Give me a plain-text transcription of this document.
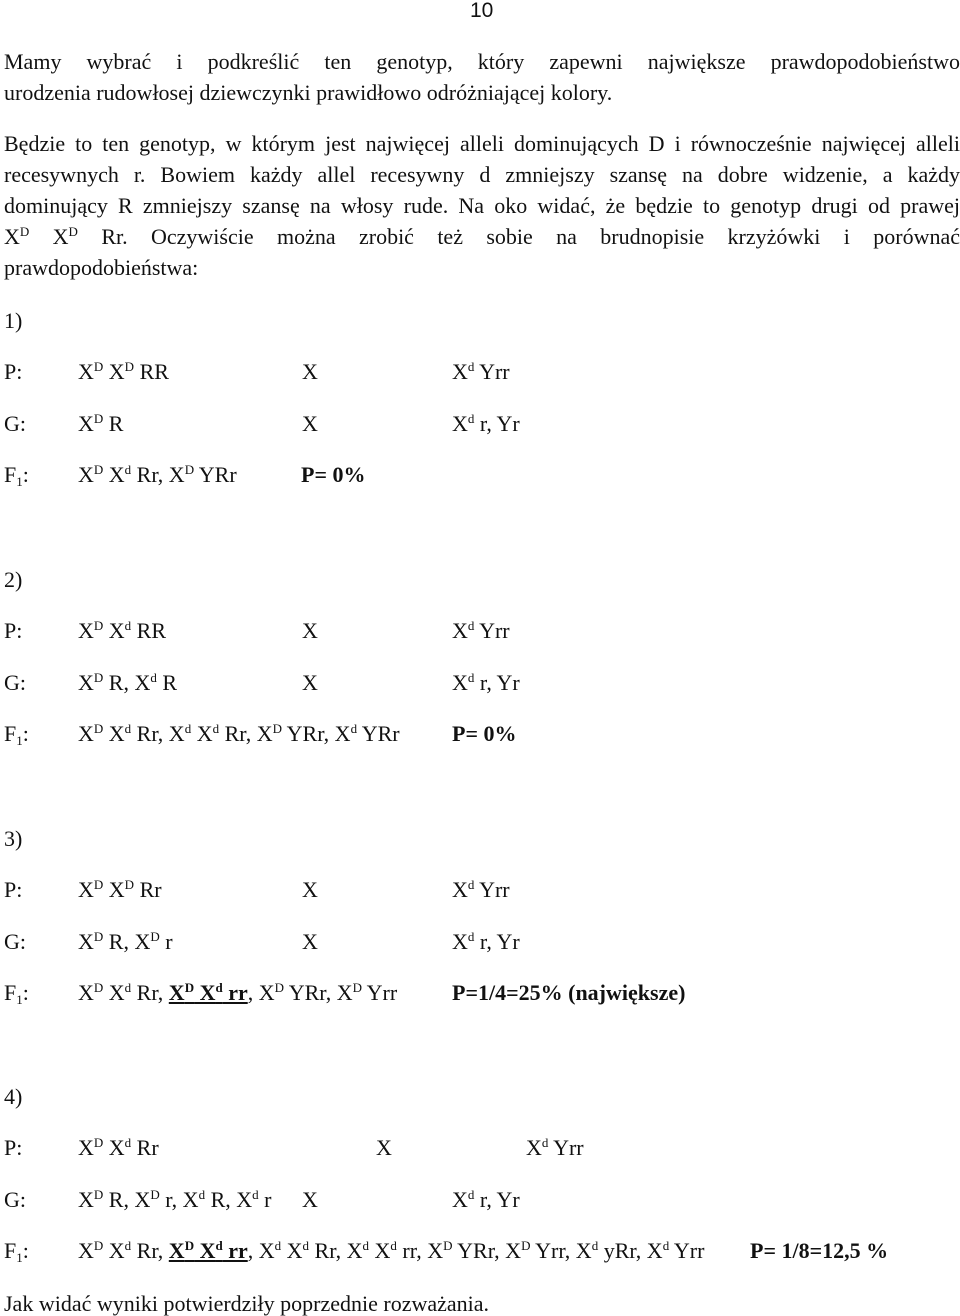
10
Mamy wybrać i podkreślić ten genotyp, który zapewni największe prawdopodobieństwo
urodzenia rudowłosej dziewczynki prawidłowo odróżniającej kolory.
Będzie to ten genotyp, w którym jest najwięcej alleli dominujących D i równocześnie najwięcej alleli
recesywnych r. Bowiem każdy allel recesywny d zmniejszy szansę na dobre widzenie, a każdy
dominujący R zmniejszy szansę na włosy rude. Na oko widać, że będzie to genotyp drugi od prawej
$X^D$ $X^D$ Rr. Oczywiście można zrobić też sobie na brudnopisie krzyżówki i porównać
prawdopodobieństwa:
1)
P:	$X^D$ $X^D$ RR	X	$X^d$ Yrr
G: $X^D$ R	X	$X^d$ r, Yr
$F_1$: $X^D$ $X^d$ Rr, $X^D$ YRr	P= 0%
2)
P:	$X^D$ $X^d$ RR	X	$X^d$ Yrr
G: $X^D$ R, $X^d$ R	X	$X^d$ r, Yr
$F_1$: $X^D$ $X^d$ Rr, $X^d$ $X^d$ Rr, $X^D$ YRr, $X^d$ YRr P= 0%
3)
P:	$X^D$ $X^D$ Rr	X	$X^d$ Yrr
G: $X^D$ R, $X^D$ r	X	$X^d$ r, Yr
$F_1$: $X^D$ $X^d$ Rr, $X^D$ $X^d$ rr, $X^D$ YRr, $X^D$ Yrr P=1/4=25% (największe)
4)
P:	$X^D$ $X^d$ Rr	X	$X^d$ Yrr
G: $X^D$ R, $X^D$ r, $X^d$ R, $X^d$ r X	$X^d$ r, Yr
$F_1$: $X^D$ $X^d$ Rr, $X^D$ $X^d$ rr, $X^d$ $X^d$ Rr, $X^d$ $X^d$ rr, $X^D$ YRr, $X^D$ Yrr, $X^d$ yRr, $X^d$ Yrr P= 1/8=12,5 %
Jak widać wyniki potwierdziły poprzednie rozważania.
